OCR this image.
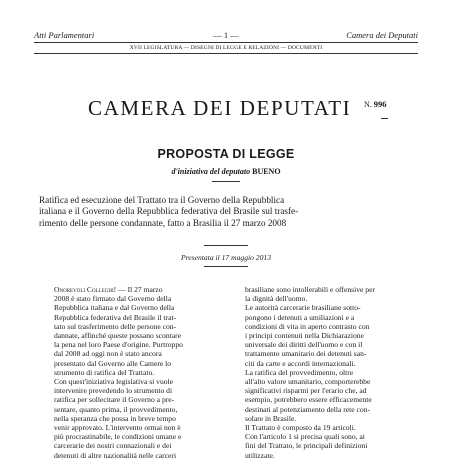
Atti Parlamentari	— 1 —	Camera dei Deputati
XVII LEGISLATURA — DISEGNI DI LEGGE E RELAZIONI — DOCUMENTI
CAMERA DEI DEPUTATI N. 996
PROPOSTA DI LEGGE
d'iniziativa del deputato BUENO
Ratifica ed esecuzione del Trattato tra il Governo della Repubblica
italiana e il Governo della Repubblica federativa del Brasile sul trasfe-
rimento delle persone condannate, fatto a Brasilia il 27 marzo 2008
Presentata il 17 maggio 2013
Onorevoli Colleghi! — Il 27 marzo
2008 è stato firmato dal Governo della
Repubblica italiana e dal Governo della
Repubblica federativa del Brasile il trat-
tato sul trasferimento delle persone con-
dannate, affinché queste possano scontare
la pena nel loro Paese d'origine. Purtroppo
dal 2008 ad oggi non è stato ancora
presentato dal Governo alle Camere lo
strumento di ratifica del Trattato.
Con quest'iniziativa legislativa si vuole
intervenire prevedendo lo strumento di
ratifica per sollecitare il Governo a pre-
sentare, quanto prima, il provvedimento,
nella speranza che possa in breve tempo
venir approvato. L'intervento ormai non è
più procrastinabile, le condizioni umane e
carcerarie dei nostri connazionali e dei
detenuti di altre nazionalità nelle carceri
brasiliane sono intollerabili e offensive per
la dignità dell'uomo.
Le autorità carcerarie brasiliane sotto-
pongono i detenuti a umiliazioni e a
condizioni di vita in aperto contrasto con
i principi contenuti nella Dichiarazione
universale dei diritti dell'uomo e con il
trattamento umanitario dei detenuti san-
citi da carte e accordi internazionali.
La ratifica del provvedimento, oltre
all'alto valore umanitario, comporterebbe
significativi risparmi per l'erario che, ad
esempio, potrebbero essere efficacemente
destinati al potenziamento della rete con-
solare in Brasile.
Il Trattato è composto da 19 articoli.
Con l'articolo 1 si precisa quali sono, ai
fini del Trattato, le principali definizioni
utilizzate.
